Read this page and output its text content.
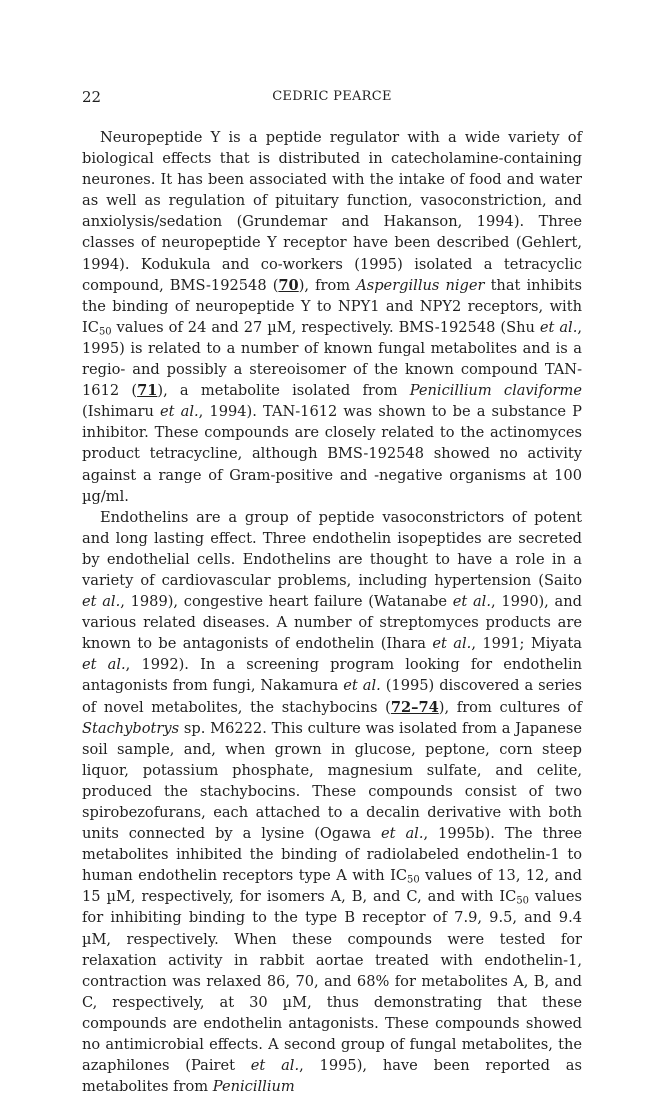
22	CEDRIC PEARCE

Neuropeptide Y is a peptide regulator with a wide variety of biological effects that is distributed in catecholamine-containing neurones. It has been associated with the intake of food and water as well as regulation of pituitary function, vasoconstriction, and anxiolysis/sedation (Grundemar and Hakanson, 1994). Three classes of neuropeptide Y receptor have been described (Gehlert, 1994). Kodukula and co-workers (1995) isolated a tetracyclic compound, BMS-192548 (70), from Aspergillus niger that inhibits the binding of neuropeptide Y to NPY1 and NPY2 receptors, with $IC_{50}$ values of 24 and 27 µM, respectively. BMS-192548 (Shu et al., 1995) is related to a number of known fungal metabolites and is a regio- and possibly a stereoisomer of the known compound TAN-1612 (71), a metabolite isolated from Penicillium claviforme (Ishimaru et al., 1994). TAN-1612 was shown to be a substance P inhibitor. These compounds are closely related to the actinomyces product tetracycline, although BMS-192548 showed no activity against a range of Gram-positive and -negative organisms at 100 µg/ml.

Endothelins are a group of peptide vasoconstrictors of potent and long lasting effect. Three endothelin isopeptides are secreted by endothelial cells. Endothelins are thought to have a role in a variety of cardiovascular problems, including hypertension (Saito et al., 1989), congestive heart failure (Watanabe et al., 1990), and various related diseases. A number of streptomyces products are known to be antagonists of endothelin (Ihara et al., 1991; Miyata et al., 1992). In a screening program looking for endothelin antagonists from fungi, Nakamura et al. (1995) discovered a series of novel metabolites, the stachybocins (72–74), from cultures of Stachybotrys sp. M6222. This culture was isolated from a Japanese soil sample, and, when grown in glucose, peptone, corn steep liquor, potassium phosphate, magnesium sulfate, and celite, produced the stachybocins. These compounds consist of two spirobezofurans, each attached to a decalin derivative with both units connected by a lysine (Ogawa et al., 1995b). The three metabolites inhibited the binding of radiolabeled endothelin-1 to human endothelin receptors type A with $IC_{50}$ values of 13, 12, and 15 µM, respectively, for isomers A, B, and C, and with $IC_{50}$ values for inhibiting binding to the type B receptor of 7.9, 9.5, and 9.4 µM, respectively. When these compounds were tested for relaxation activity in rabbit aortae treated with endothelin-1, contraction was relaxed 86, 70, and 68% for metabolites A, B, and C, respectively, at 30 µM, thus demonstrating that these compounds are endothelin antagonists. These compounds showed no antimicrobial effects. A second group of fungal metabolites, the azaphilones (Pairet et al., 1995), have been reported as metabolites from Penicillium
